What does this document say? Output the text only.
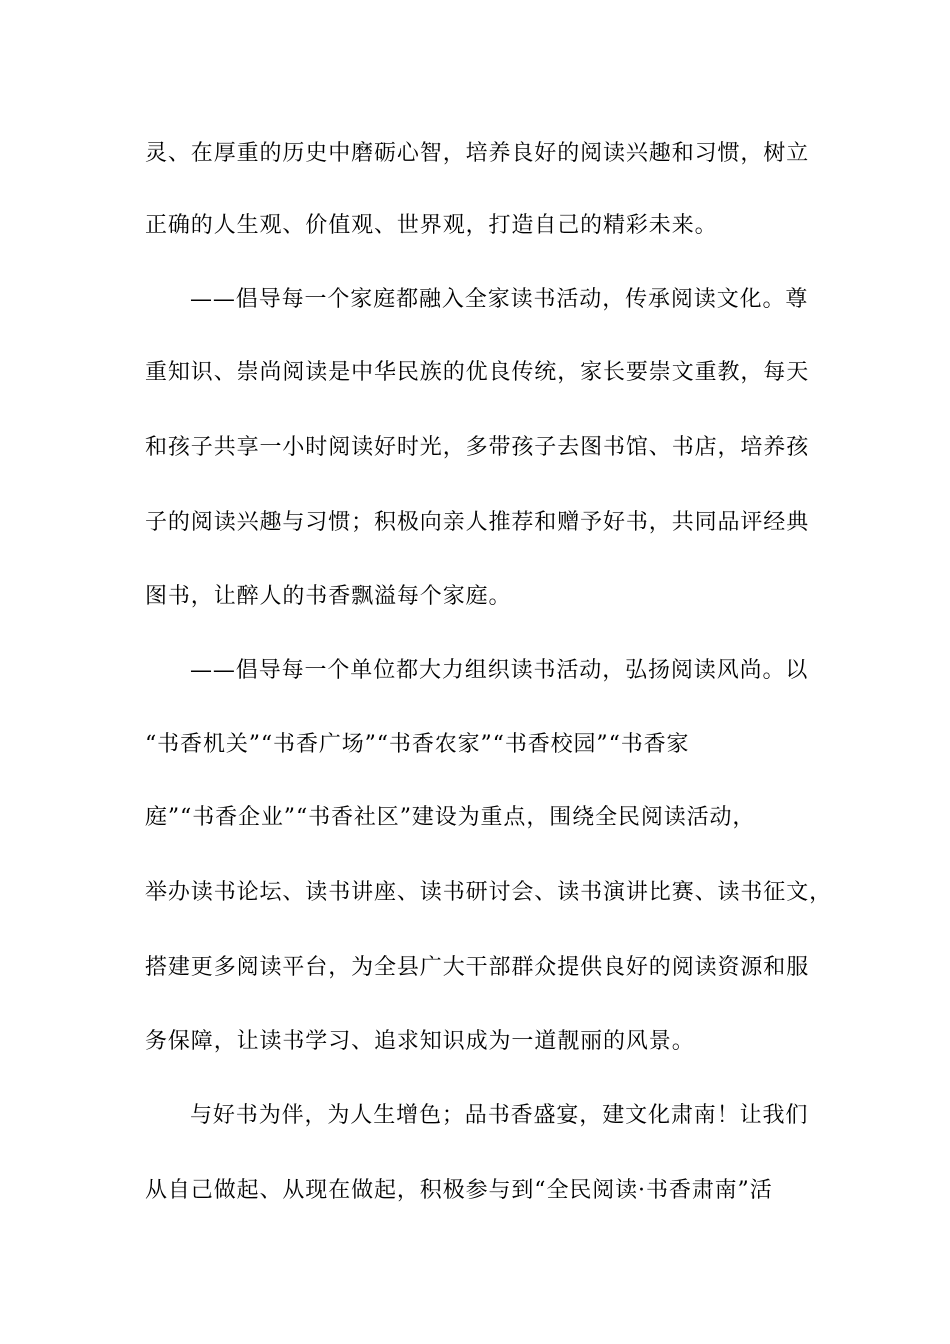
灵、在厚重的历史中磨砺心智，培养良好的阅读兴趣和习惯，树立
正确的人生观、价值观、世界观，打造自己的精彩未来。
——倡导每一个家庭都融入全家读书活动，传承阅读文化。尊
重知识、崇尚阅读是中华民族的优良传统，家长要崇文重教，每天
和孩子共享一小时阅读好时光，多带孩子去图书馆、书店，培养孩
子的阅读兴趣与习惯；积极向亲人推荐和赠予好书，共同品评经典
图书，让醉人的书香飘溢每个家庭。
——倡导每一个单位都大力组织读书活动，弘扬阅读风尚。以
“书香机关”“书香广场”“书香农家”“书香校园”“书香家
庭”“书香企业”“书香社区”建设为重点，围绕全民阅读活动，
举办读书论坛、读书讲座、读书研讨会、读书演讲比赛、读书征文，
搭建更多阅读平台，为全县广大干部群众提供良好的阅读资源和服
务保障，让读书学习、追求知识成为一道靓丽的风景。
与好书为伴，为人生增色；品书香盛宴，建文化肃南！让我们
从自己做起、从现在做起，积极参与到“全民阅读·书香肃南”活
